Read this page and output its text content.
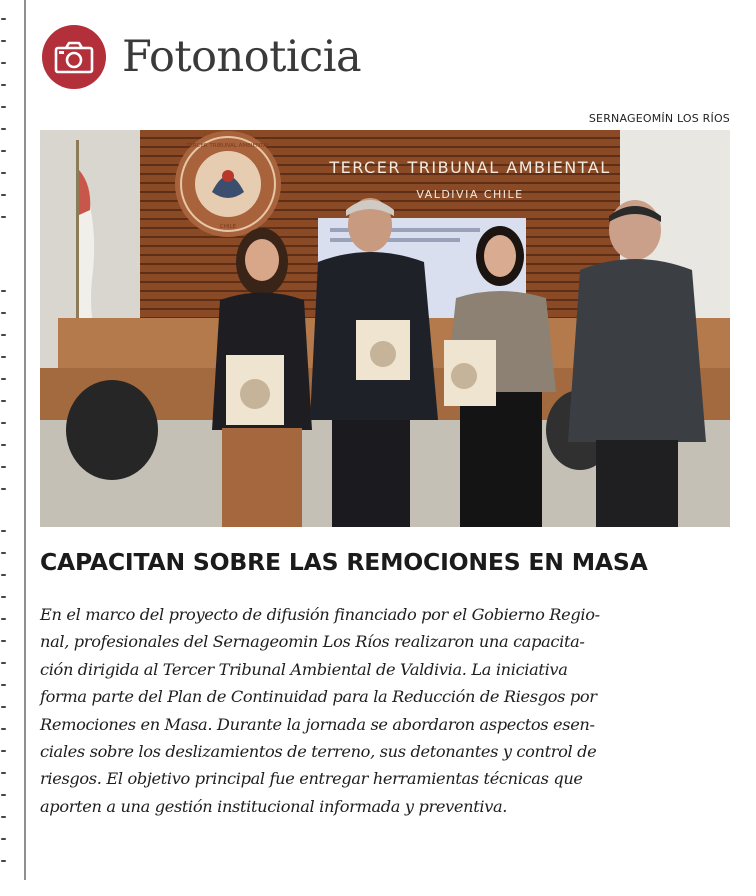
Fotonoticia
SERNAGEOMÍN LOS RÍOS
TERCER TRIBUNAL AMBIENTAL
CHILE
TERCER TRIBUNAL AMBIENTAL
VALDIVIA CHILE
CAPACITAN SOBRE LAS REMOCIONES EN MASA
En el marco del proyecto de difusión financiado por el Gobierno Regio-
nal, profesionales del Sernageomin Los Ríos realizaron una capacita-
ción dirigida al Tercer Tribunal Ambiental de Valdivia. La iniciativa
forma parte del Plan de Continuidad para la Reducción de Riesgos por
Remociones en Masa. Durante la jornada se abordaron aspectos esen-
ciales sobre los deslizamientos de terreno, sus detonantes y control de
riesgos. El objetivo principal fue entregar herramientas técnicas que
aporten a una gestión institucional informada y preventiva.
